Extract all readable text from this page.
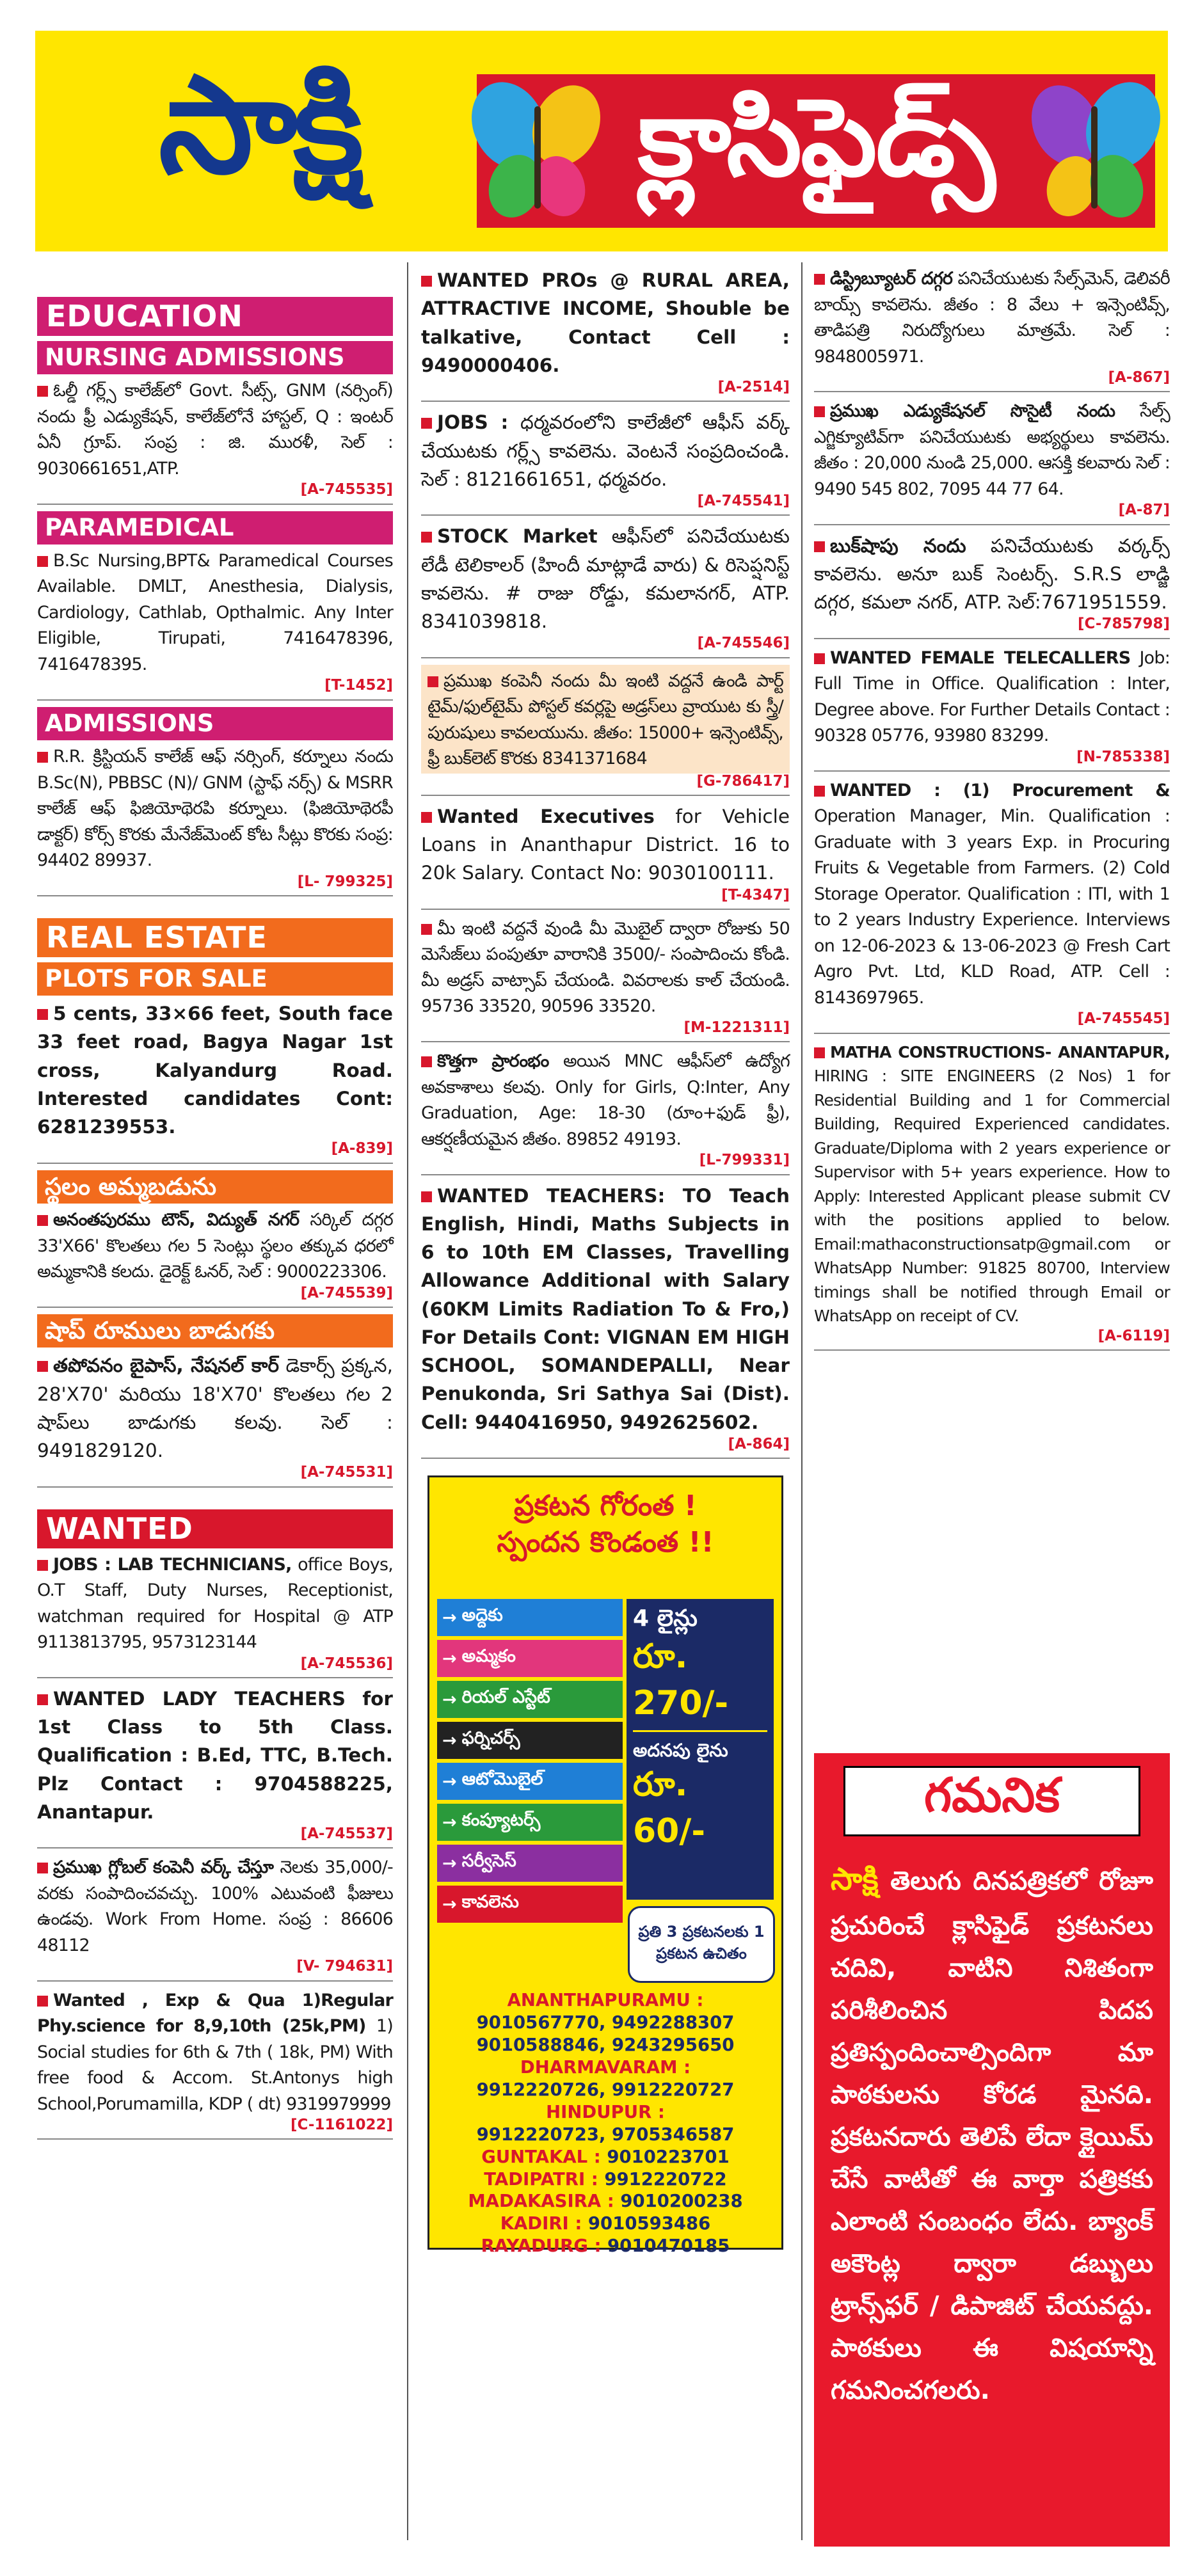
సాక్షి	క్లాసిఫైడ్స్
EDUCATION
NURSING ADMISSIONS
ఓల్డీ గర్ల్స్ కాలేజ్‌లో Govt. సీట్స్, GNM (నర్సింగ్) నందు ఫ్రీ ఎడ్యుకేషన్, కాలేజ్‌లోనే హాస్టల్, Q : ఇంటర్ ఏనీ గ్రూప్. సంప్ర : జి. మురళీ, సెల్ : 9030661651,ATP.
[A-745535]
PARAMEDICAL
B.Sc Nursing,BPT& Paramedical Courses Available. DMLT, Anesthesia, Dialysis, Cardiology, Cathlab, Opthalmic. Any Inter Eligible, Tirupati, 7416478396, 7416478395.
[T-1452]
ADMISSIONS
R.R. క్రిస్టియన్ కాలేజ్ ఆఫ్ నర్సింగ్, కర్నూలు నందు B.Sc(N), PBBSC (N)/ GNM (స్టాఫ్ నర్స్) & MSRR కాలేజ్ ఆఫ్ ఫిజియోథెరపి కర్నూలు. (ఫిజియోథెరపీ డాక్టర్) కోర్స్ కొరకు మేనేజ్‌మెంట్ కోట సీట్లు కొరకు సంప్ర: 94402 89937.
[L- 799325]
REAL ESTATE
PLOTS FOR SALE
5 cents, 33×66 feet, South face 33 feet road, Bagya Nagar 1st cross, Kalyandurg Road. Interested candidates Cont: 6281239553.
[A-839]
స్థలం అమ్మబడును
అనంతపురము టౌన్, విద్యుత్ నగర్ సర్కిల్ దగ్గర 33'X66' కొలతలు గల 5 సెంట్లు స్థలం తక్కువ ధరలో అమ్మకానికి కలదు. డైరెక్ట్ ఓనర్, సెల్ : 9000223306.
[A-745539]
షాప్ రూములు బాడుగకు
తపోవనం బైపాస్, నేషనల్ కార్ డెకార్స్ ప్రక్కన, 28'X70' మరియు 18'X70' కొలతలు గల 2 షాప్‌లు బాడుగకు కలవు. సెల్ : 9491829120.
[A-745531]
WANTED
JOBS : LAB TECHNICIANS, office Boys, O.T Staff, Duty Nurses, Receptionist, watchman required for Hospital @ ATP 9113813795, 9573123144
[A-745536]
WANTED LADY TEACHERS for 1st Class to 5th Class. Qualification : B.Ed, TTC, B.Tech. Plz Contact : 9704588225, Anantapur.
[A-745537]
ప్రముఖ గ్లోబల్ కంపెనీ వర్క్ చేస్తూ నెలకు 35,000/-వరకు సంపాదించవచ్చు. 100% ఎటువంటి ఫీజులు ఉండవు. Work From Home. సంప్ర : 86606 48112
[V- 794631]
Wanted , Exp & Qua 1)Regular Phy.science for 8,9,10th (25k,PM) 1) Social studies for 6th & 7th ( 18k, PM) With free food & Accom. St.Antonys high School,Porumamilla, KDP ( dt) 9319979999
[C-1161022]
WANTED PROs @ RURAL AREA, ATTRACTIVE INCOME, Shouble be talkative, Contact Cell : 9490000406.
[A-2514]
JOBS : ధర్మవరంలోని కాలేజీలో ఆఫీస్ వర్క్ చేయుటకు గర్ల్స్ కావలెను. వెంటనే సంప్రదించండి. సెల్ : 8121661651, ధర్మవరం.
[A-745541]
STOCK Market ఆఫీస్‌లో పనిచేయుటకు లేడీ టెలికాలర్ (హిందీ మాట్లాడే వారు) & రిసెప్షనిస్ట్ కావలెను. # రాజు రోడ్డు, కమలానగర్, ATP. 8341039818.
[A-745546]
ప్రముఖ కంపెనీ నందు మీ ఇంటి వద్దనే ఉండి పార్ట్ టైమ్/ఫుల్‌టైమ్ పోస్టల్ కవర్లపై అడ్రస్‌లు వ్రాయుట కు స్త్రీ/పురుషులు కావలయును. జీతం: 15000+ ఇన్సెంటివ్స్, ఫ్రీ బుక్‌లెట్ కొరకు 8341371684
[G-786417]
Wanted Executives for Vehicle Loans in Ananthapur District. 16 to 20k Salary. Contact No: 9030100111.
[T-4347]
మీ ఇంటి వద్దనే వుండి మీ మొబైల్ ద్వారా రోజుకు 50 మెసేజ్‌లు పంపుతూ వారానికి 3500/- సంపాదించు కోండి. మీ అడ్రస్ వాట్సాప్ చేయండి. వివరాలకు కాల్ చేయండి. 95736 33520, 90596 33520.
[M-1221311]
కొత్తగా ప్రారంభం అయిన MNC ఆఫీస్‌లో ఉద్యోగ అవకాశాలు కలవు. Only for Girls, Q:Inter, Any Graduation, Age: 18-30 (రూం+ఫుడ్ ఫ్రీ), ఆకర్షణీయమైన జీతం. 89852 49193.
[L-799331]
WANTED TEACHERS: TO Teach English, Hindi, Maths Subjects in 6 to 10th EM Classes, Travelling Allowance Additional with Salary (60KM Limits Radiation To & Fro,) For Details Cont: VIGNAN EM HIGH SCHOOL, SOMANDEPALLI, Near Penukonda, Sri Sathya Sai (Dist). Cell: 9440416950, 9492625602.
[A-864]
ప్రకటన గోరంత !
స్పందన కొండంత !!
→ అద్దెకు
→ అమ్మకం
→ రియల్ ఎస్టేట్
→ ఫర్నిచర్స్
→ ఆటోమొబైల్
→ కంప్యూటర్స్
→ సర్వీసెస్
→ కావలెను
4 లైన్లు
రూ. 270/-
అదనపు లైను
రూ. 60/-
ప్రతి 3 ప్రకటనలకు 1 ప్రకటన ఉచితం
ANANTHAPURAMU :
9010567770, 9492288307
9010588846, 9243295650
DHARMAVARAM :
9912220726, 9912220727
HINDUPUR :
9912220723, 9705346587
GUNTAKAL : 9010223701
TADIPATRI : 9912220722
MADAKASIRA : 9010200238
KADIRI : 9010593486
RAYADURG : 9010470185
డిస్ట్రిబ్యూటర్ దగ్గర పనిచేయుటకు సేల్స్‌మెన్, డెలివరీ బాయ్స్ కావలెను. జీతం : 8 వేలు + ఇన్సెంటివ్స్, తాడిపత్రి నిరుద్యోగులు మాత్రమే. సెల్ : 9848005971.
[A-867]
ప్రముఖ ఎడ్యుకేషనల్ సొసైటీ నందు సేల్స్ ఎగ్జిక్యూటివ్‌గా పనిచేయుటకు అభ్యర్థులు కావలెను. జీతం : 20,000 నుండి 25,000. ఆసక్తి కలవారు సెల్ : 9490 545 802, 7095 44 77 64.
[A-87]
బుక్‌షాపు నందు పనిచేయుటకు వర్కర్స్ కావలెను. అనూ బుక్ సెంటర్స్. S.R.S లాడ్జి దగ్గర, కమలా నగర్, ATP. సెల్:7671951559.
[C-785798]
WANTED FEMALE TELECALLERS Job: Full Time in Office. Qualification : Inter, Degree above. For Further Details Contact : 90328 05776, 93980 83299.
[N-785338]
WANTED : (1) Procurement & Operation Manager, Min. Qualification : Graduate with 3 years Exp. in Procuring Fruits & Vegetable from Farmers. (2) Cold Storage Operator. Qualification : ITI, with 1 to 2 years Industry Experience. Interviews on 12-06-2023 & 13-06-2023 @ Fresh Cart Agro Pvt. Ltd, KLD Road, ATP. Cell : 8143697965.
[A-745545]
MATHA CONSTRUCTIONS- ANANTAPUR, HIRING : SITE ENGINEERS (2 Nos) 1 for Residential Building and 1 for Commercial Building, Required Experienced candidates. Graduate/Diploma with 2 years experience or Supervisor with 5+ years experience. How to Apply: Interested Applicant please submit CV with the positions applied to below. Email:mathaconstructionsatp@gmail.com or WhatsApp Number: 91825 80700, Interview timings shall be notified through Email or WhatsApp on receipt of CV.
[A-6119]
గమనిక
సాక్షి తెలుగు దినపత్రికలో రోజూ ప్రచురించే క్లాసిఫైడ్ ప్రకటనలు చదివి, వాటిని నిశితంగా పరిశీలించిన పిదప ప్రతిస్పందించాల్సిందిగా మా పాఠకులను కోరడ మైనది. ప్రకటనదారు తెలిపే లేదా క్లైయిమ్ చేసే వాటితో ఈ వార్తా పత్రికకు ఎలాంటి సంబంధం లేదు. బ్యాంక్ అకౌంట్ల ద్వారా డబ్బులు ట్రాన్స్‌ఫర్ / డిపాజిట్ చేయవద్దు. పాఠకులు ఈ విషయాన్ని గమనించగలరు.
